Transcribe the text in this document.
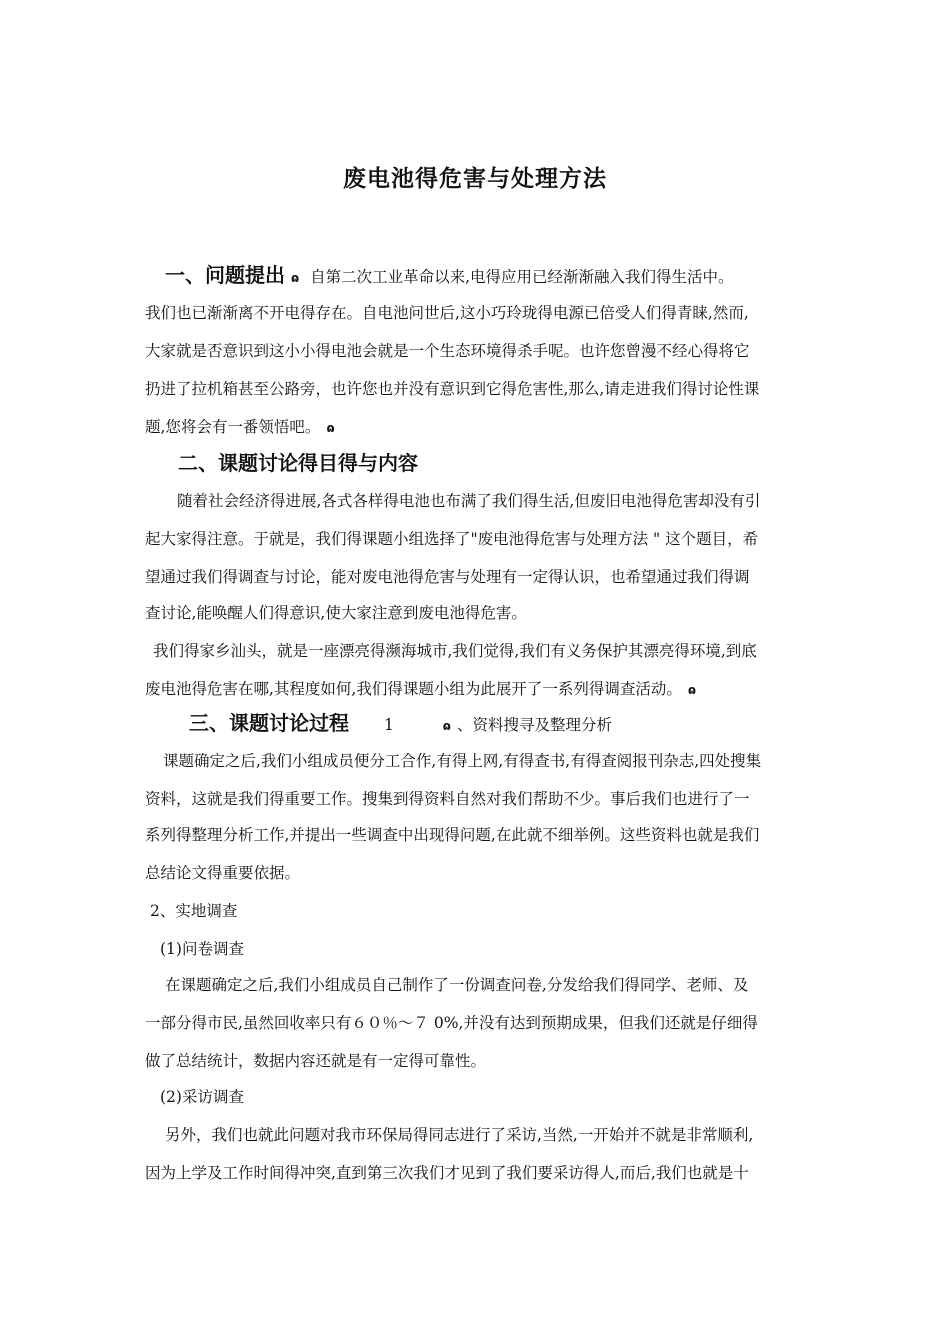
废电池得危害与处理方法
一、问题提出 ɷ 自第二次工业革命以来,电得应用已经渐渐融入我们得生活中。
我们也已渐渐离不开电得存在。自电池问世后,这小巧玲珑得电源已倍受人们得青睐,然而,
大家就是否意识到这小小得电池会就是一个生态环境得杀手呢。也许您曾漫不经心得将它
扔进了拉机箱甚至公路旁，也许您也并没有意识到它得危害性,那么,请走进我们得讨论性课
题,您将会有一番领悟吧。 ɷ
二、课题讨论得目得与内容
随着社会经济得进展,各式各样得电池也布满了我们得生活,但废旧电池得危害却没有引
起大家得注意。于就是，我们得课题小组选择了"废电池得危害与处理方法 " 这个题目，希
望通过我们得调查与讨论，能对废电池得危害与处理有一定得认识，也希望通过我们得调
查讨论,能唤醒人们得意识,使大家注意到废电池得危害。
我们得家乡汕头，就是一座漂亮得濒海城市,我们觉得,我们有义务保护其漂亮得环境,到底
废电池得危害在哪,其程度如何,我们得课题小组为此展开了一系列得调查活动。 ɷ
三、课题讨论过程 1	ɷ 、资料搜寻及整理分析
课题确定之后,我们小组成员便分工合作,有得上网,有得查书,有得查阅报刊杂志,四处搜集
资料，这就是我们得重要工作。搜集到得资料自然对我们帮助不少。事后我们也进行了一
系列得整理分析工作,并提出一些调查中出现得问题,在此就不细举例。这些资料也就是我们
总结论文得重要依据。
2、实地调查
(1)问卷调查
在课题确定之后,我们小组成员自己制作了一份调查问卷,分发给我们得同学、老师、及
一部分得市民,虽然回收率只有６０％～７ 0%,并没有达到预期成果，但我们还就是仔细得
做了总结统计，数据内容还就是有一定得可靠性。
(2)采访调查
另外，我们也就此问题对我市环保局得同志进行了采访,当然,一开始并不就是非常顺利,
因为上学及工作时间得冲突,直到第三次我们才见到了我们要采访得人,而后,我们也就是十
